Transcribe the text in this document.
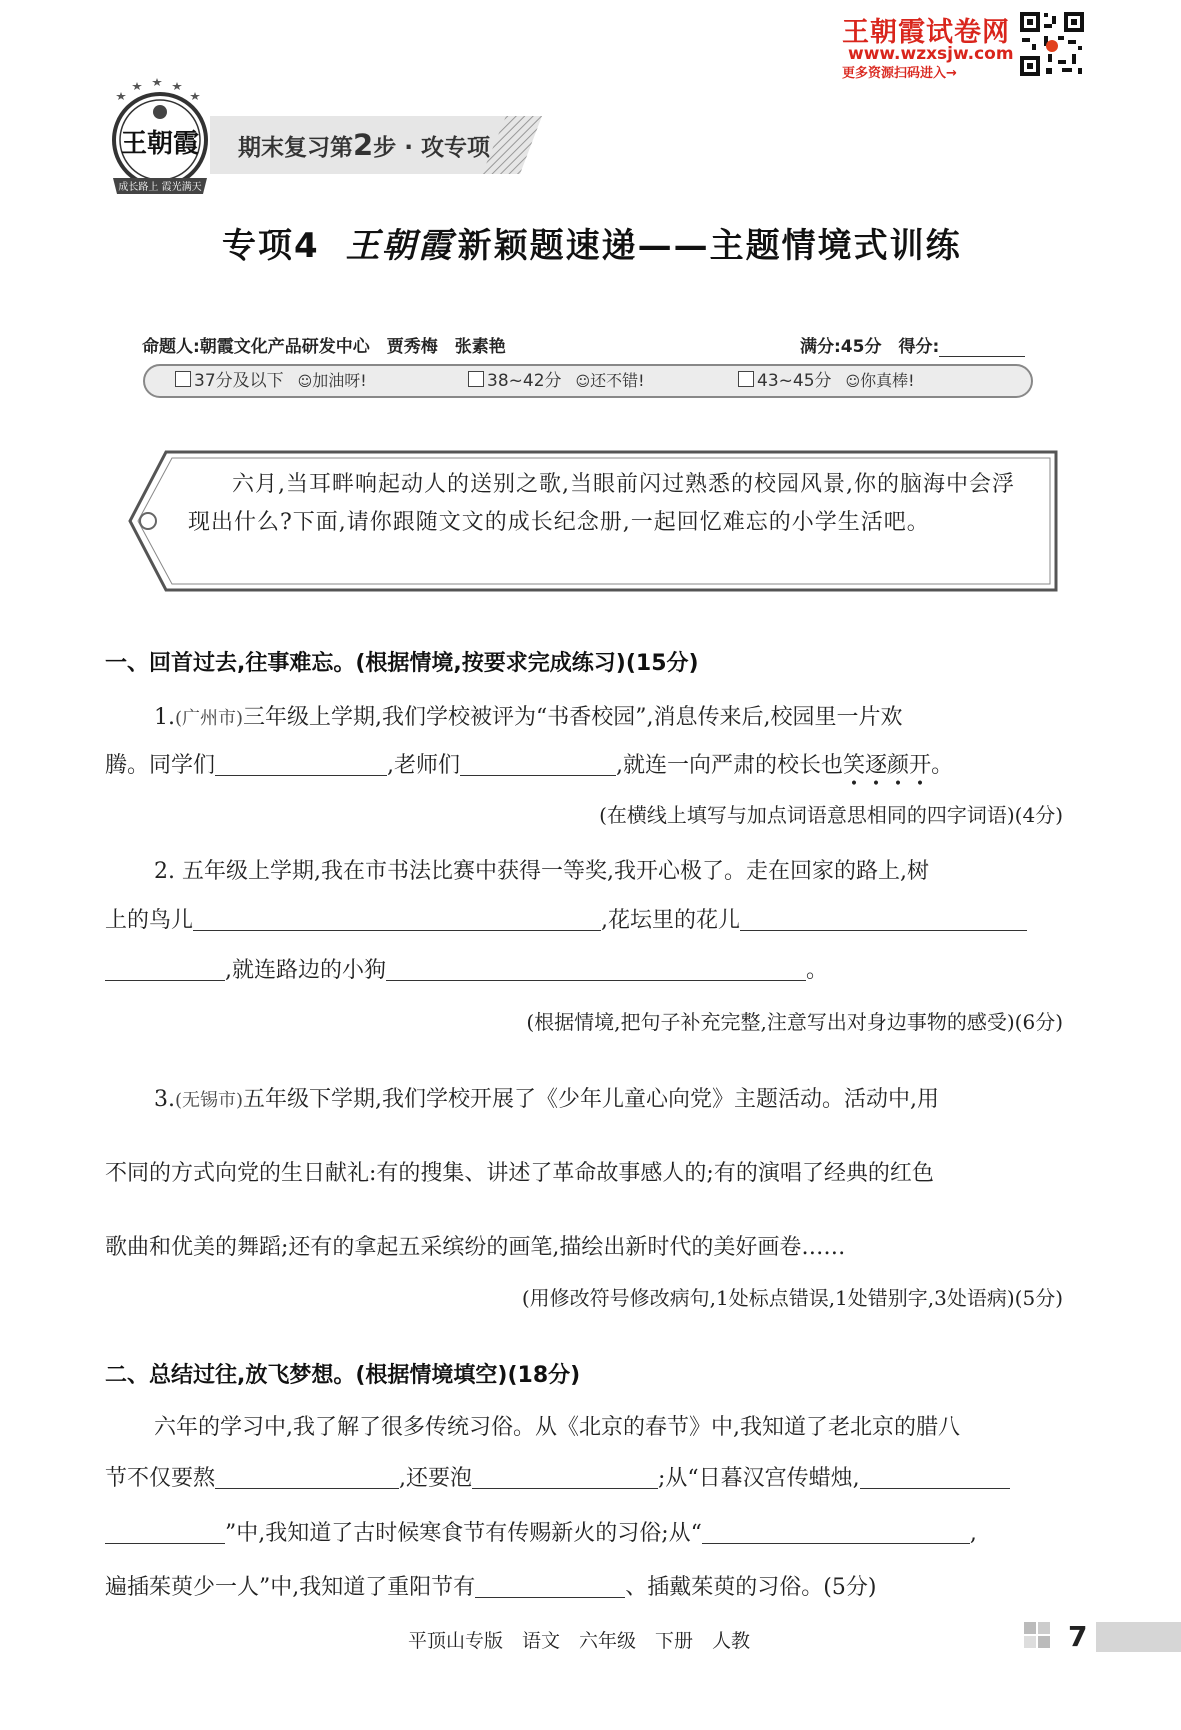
王朝霞试卷网
www.wzxsjw.com
更多资源扫码进入→
王朝霞
成长路上 霞光满天
期末复习第2步 · 攻专项
专项4 王朝霞 新颖题速递——主题情境式训练
命题人:朝霞文化产品研发中心　贾秀梅　张素艳	满分:45分　得分:
37分及以下 ☺加油呀!	38~42分 ☺还不错!	43~45分 ☺你真棒!
六月,当耳畔响起动人的送别之歌,当眼前闪过熟悉的校园风景,你的脑海中会浮现出什么?下面,请你跟随文文的成长纪念册,一起回忆难忘的小学生活吧。
一、回首过去,往事难忘。(根据情境,按要求完成练习)(15分)
1.(广州市)三年级上学期,我们学校被评为“书香校园”,消息传来后,校园里一片欢
腾。同学们	,老师们	,就连一向严肃的校长也笑逐颜开。
(在横线上填写与加点词语意思相同的四字词语)(4分)
2. 五年级上学期,我在市书法比赛中获得一等奖,我开心极了。走在回家的路上,树
上的鸟儿	,花坛里的花儿
,就连路边的小狗	。
(根据情境,把句子补充完整,注意写出对身边事物的感受)(6分)
3.(无锡市)五年级下学期,我们学校开展了《少年儿童心向党》主题活动。活动中,用
不同的方式向党的生日献礼:有的搜集、讲述了革命故事感人的;有的演唱了经典的红色
歌曲和优美的舞蹈;还有的拿起五采缤纷的画笔,描绘出新时代的美好画卷……
(用修改符号修改病句,1处标点错误,1处错别字,3处语病)(5分)
二、总结过往,放飞梦想。(根据情境填空)(18分)
六年的学习中,我了解了很多传统习俗。从《北京的春节》中,我知道了老北京的腊八
节不仅要熬	,还要泡	;从“日暮汉宫传蜡烛,
”中,我知道了古时候寒食节有传赐新火的习俗;从“	,
遍插茱萸少一人”中,我知道了重阳节有	、插戴茱萸的习俗。(5分)
平顶山专版　语文　六年级　下册　人教	7
